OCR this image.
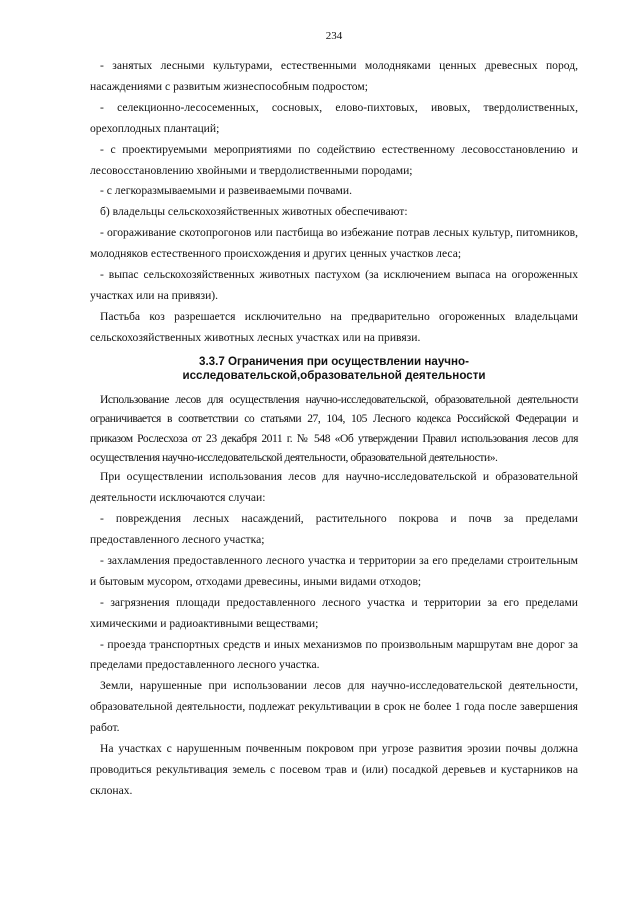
234

- занятых лесными культурами, естественными молодняками ценных древесных пород, насаждениями с развитым жизнеспособным подростом;

- селекционно-лесосеменных, сосновых, елово-пихтовых, ивовых, твердолиственных, орехоплодных плантаций;

- с проектируемыми мероприятиями по содействию естественному лесовосстановлению и лесовосстановлению хвойными и твердолиственными породами;

- с легкоразмываемыми и развеиваемыми почвами.

б) владельцы сельскохозяйственных животных обеспечивают:

- огораживание скотопрогонов или пастбища во избежание потрав лесных культур, питомников, молодняков естественного происхождения и других ценных участков леса;

- выпас сельскохозяйственных животных пастухом (за исключением выпаса на огороженных участках или на привязи).

Пастьба коз разрешается исключительно на предварительно огороженных владельцами сельскохозяйственных животных лесных участках или на привязи.

3.3.7 Ограничения при осуществлении научно-исследовательской,образовательной деятельности

Использование лесов для осуществления научно-исследовательской, образовательной деятельности ограничивается в соответствии со статьями 27, 104, 105 Лесного кодекса Российской Федерации и приказом Рослесхоза от 23 декабря 2011 г. № 548 «Об утверждении Правил использования лесов для осуществления научно-исследовательской деятельности, образовательной деятельности».

При осуществлении использования лесов для научно-исследовательской и образовательной деятельности исключаются случаи:

- повреждения лесных насаждений, растительного покрова и почв за пределами предоставленного лесного участка;

- захламления предоставленного лесного участка и территории за его пределами строительным и бытовым мусором, отходами древесины, иными видами отходов;

- загрязнения площади предоставленного лесного участка и территории за его пределами химическими и радиоактивными веществами;

- проезда транспортных средств и иных механизмов по произвольным маршрутам вне дорог за пределами предоставленного лесного участка.

Земли, нарушенные при использовании лесов для научно-исследовательской деятельности, образовательной деятельности, подлежат рекультивации в срок не более 1 года после завершения работ.

На участках с нарушенным почвенным покровом при угрозе развития эрозии почвы должна проводиться рекультивация земель с посевом трав и (или) посадкой деревьев и кустарников на склонах.
